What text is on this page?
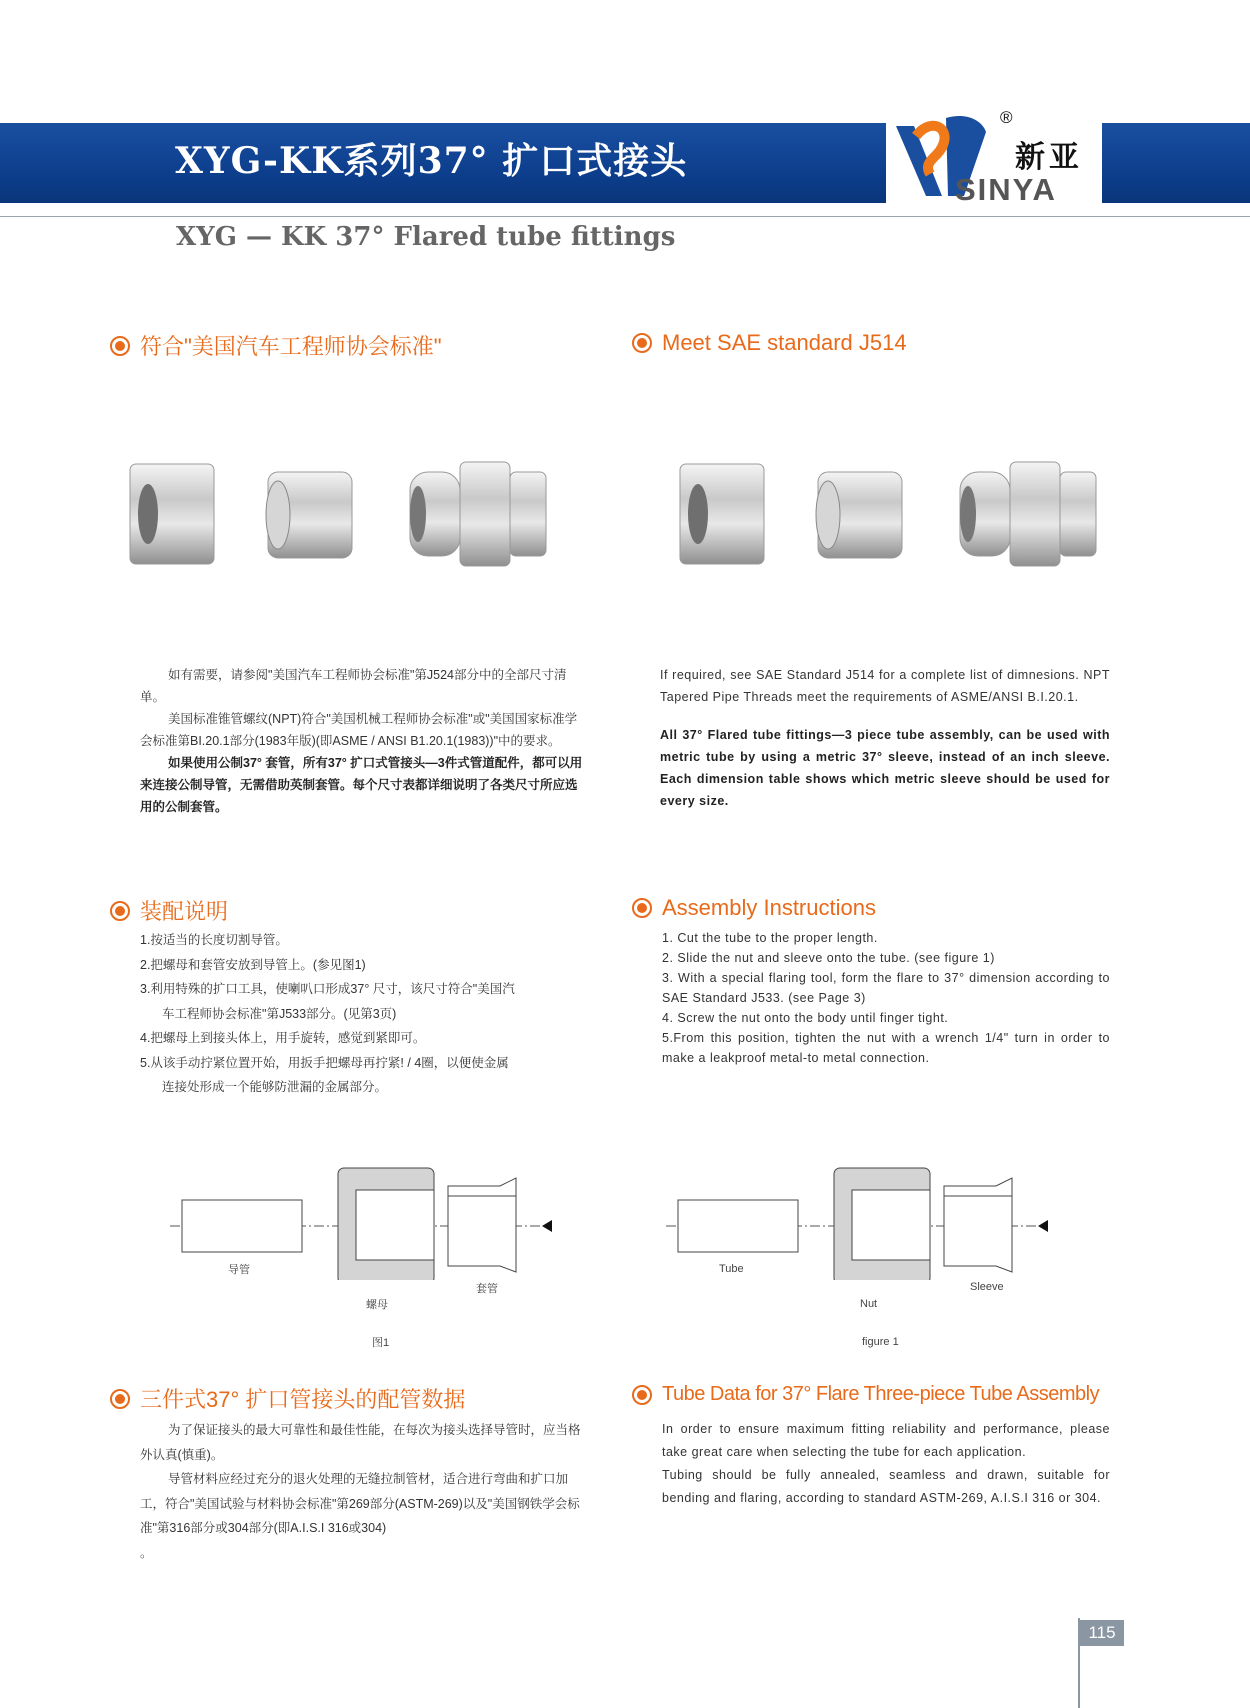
XYG-KK系列37° 扩口式接头
®
新亚
SINYA
XYG — KK 37° Flared tube fittings
符合"美国汽车工程师协会标准"	Meet SAE standard J514

如有需要，请参阅"美国汽车工程师协会标准"第J524部分中的全部尺寸清单。

美国标准锥管螺纹(NPT)符合"美国机械工程师协会标准"或"美国国家标准学会标准第BI.20.1部分(1983年版)(即ASME / ANSI B1.20.1(1983))"中的要求。

如果使用公制37° 套管，所有37° 扩口式管接头—3件式管道配件，都可以用来连接公制导管，无需借助英制套管。每个尺寸表都详细说明了各类尺寸所应选用的公制套管。

If required, see SAE Standard J514 for a complete list of dimnesions. NPT Tapered Pipe Threads meet the requirements of ASME/ANSI B.I.20.1.

All 37° Flared tube fittings—3 piece tube assembly, can be used with metric tube by using a metric 37° sleeve, instead of an inch sleeve. Each dimension table shows which metric sleeve should be used for every size.

装配说明	Assembly Instructions

1.按适当的长度切割导管。

2.把螺母和套管安放到导管上。(参见图1)

3.利用特殊的扩口工具，使喇叭口形成37° 尺寸，该尺寸符合"美国汽

车工程师协会标准"第J533部分。(见第3页)

4.把螺母上到接头体上，用手旋转，感觉到紧即可。

5.从该手动拧紧位置开始，用扳手把螺母再拧紧! / 4圈，以便使金属

连接处形成一个能够防泄漏的金属部分。

1. Cut the tube to the proper length.

2. Slide the nut and sleeve onto the tube. (see figure 1)

3. With a special flaring tool, form the flare to 37° dimension according to SAE Standard J533. (see Page 3)

4. Screw the nut onto the body until finger tight.

5.From this position, tighten the nut with a wrench 1/4" turn in order to make a leakproof metal-to metal connection.

导管
螺母
套管
图1
Tube
Nut
Sleeve
figure 1
三件式37° 扩口管接头的配管数据	Tube Data for 37° Flare Three-piece Tube Assembly

为了保证接头的最大可靠性和最佳性能，在每次为接头选择导管时，应当格外认真(慎重)。

导管材料应经过充分的退火处理的无缝拉制管材，适合进行弯曲和扩口加工，符合"美国试验与材料协会标准"第269部分(ASTM-269)以及"美国钢铁学会标准"第316部分或304部分(即A.I.S.I 316或304)

。

In order to ensure maximum fitting reliability and performance, please take great care when selecting the tube for each application.

Tubing should be fully annealed, seamless and drawn, suitable for bending and flaring, according to standard ASTM-269, A.I.S.I 316 or 304.

115
